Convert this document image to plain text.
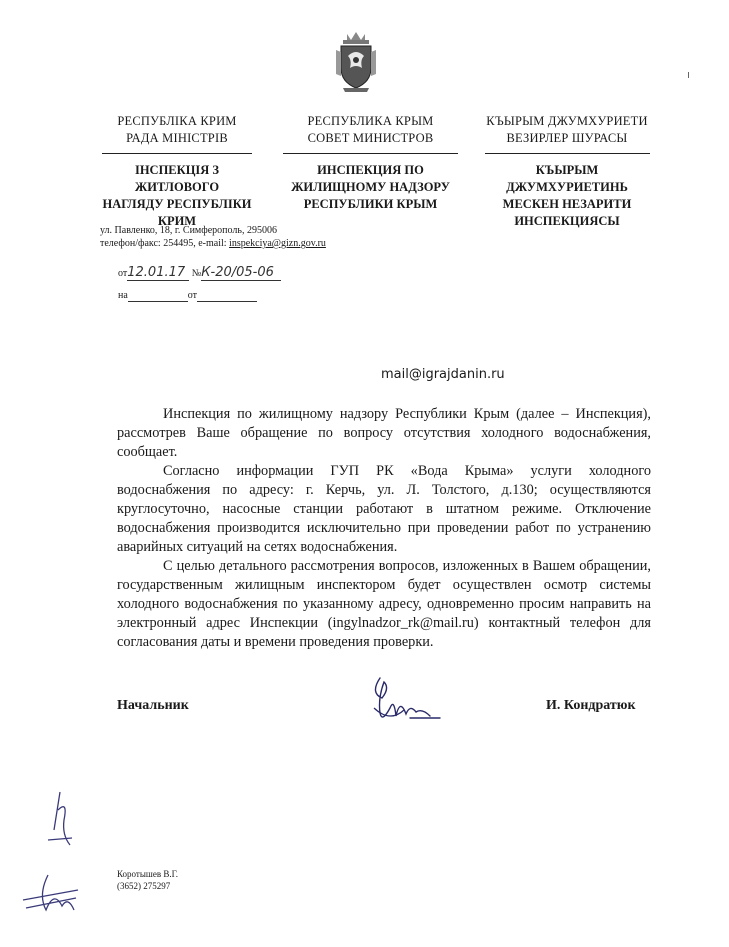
РЕСПУБЛІКА КРИМ
РАДА МІНІСТРІВ
ІНСПЕКЦІЯ З ЖИТЛОВОГО
НАГЛЯДУ РЕСПУБЛІКИ
КРИМ
РЕСПУБЛИКА КРЫМ
СОВЕТ МИНИСТРОВ
ИНСПЕКЦИЯ ПО
ЖИЛИЩНОМУ НАДЗОРУ
РЕСПУБЛИКИ КРЫМ
КЪЫРЫМ ДЖУМХУРИЕТИ
ВЕЗИРЛЕР ШУРАСЫ
КЪЫРЫМ ДЖУМХУРИЕТИНЬ
МЕСКЕН НЕЗАРИТИ
ИНСПЕКЦИЯСЫ
ул. Павленко, 18, г. Симферополь, 295006
телефон/факс: 254495, e-mail: inspekciya@gizn.gov.ru
от12.01.17 №К-20/05-06
на	от
mail@igrajdanin.ru

Инспекция по жилищному надзору Республики Крым (далее – Инспекция), рассмотрев Ваше обращение по вопросу отсутствия холодного водоснабжения, сообщает.

Согласно информации ГУП РК «Вода Крыма» услуги холодного водоснабжения по адресу: г. Керчь, ул. Л. Толстого, д.130; осуществляются круглосуточно, насосные станции работают в штатном режиме. Отключение водоснабжения производится исключительно при проведении работ по устранению аварийных ситуаций на сетях водоснабжения.

С целью детального рассмотрения вопросов, изложенных в Вашем обращении, государственным жилищным инспектором будет осуществлен осмотр системы холодного водоснабжения по указанному адресу, одновременно просим направить на электронный адрес Инспекции (ingylnadzor_rk@mail.ru) контактный телефон для согласования даты и времени проведения проверки.

Начальник	И. Кондратюк
Коротышев В.Г.
(3652) 275297
